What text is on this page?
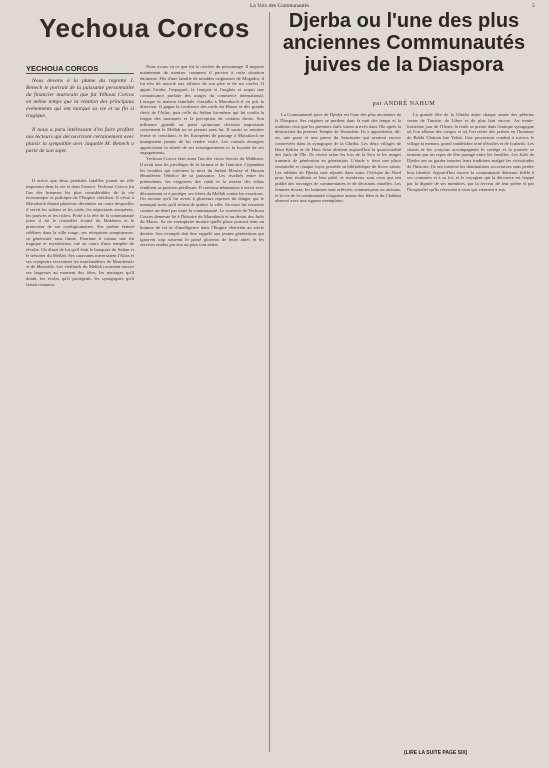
La Voix des Communautés	5
Yechoua Corcos
YECHOUA CORCOS

Nous devons à la plume du regretté J. Benech le portrait de la puissante personnalité du financier marocain que fut Yéhoua Corcos en même temps que la relation des principaux événements qui ont marqué sa vie et sa fin si tragique.

Il nous a paru intéressant d'en faire profiter nos lecteurs qui découvriront certainement avec plaisir la sympathie avec laquelle M. Benech a parlé de son sujet.

Il arrive que deux pendules fatallles jouent un rôle important dans la vie et dans l'œuvre. Yechoua Corcos fut l'un des hommes les plus considérables de la vie économique et politique de l'Empire chérifien. Il vécut à Marrakech durant plusieurs décennies au cours desquelles il servit les sultans et les caïds, les négociants européens, les pauvres et les riches. Porté à la tête de la communauté juive il fut le conseiller écouté du Makhzen et le protecteur de ses coreligionnaires. Ses jardins étaient célèbres dans la ville rouge, ses réceptions somptueuses, sa générosité sans limite. Pourtant il connut une fin tragique et mystérieuse, tué au cours d'une tempête de révolte. On disait de lui qu'il était le banquier du Sultan et le trésorier du Mellah. Ses caravanes traversaient l'Atlas et ses comptoirs recevaient les marchandises de Manchester et de Marseille. Les vieillards du Mellah racontent encore ses largesses au moment des fêtes, les mariages qu'il dotait, les écoles qu'il protégeait, les synagogues qu'il faisait restaurer.

Nous avons vu ce que fut la carrière du personnage. Il importe maintenant de montrer comment il parvint à cette situation éminente. Fils d'une famille de notables originaires de Mogador, il fut très tôt associé aux affaires de son père et de ses oncles. Il apprit l'arabe, l'espagnol, le français et l'anglais et acquit une connaissance parfaite des usages du commerce international. Lorsque la maison familiale s'installa à Marrakech il en prit la direction. Il gagna la confiance des caïds du Haouz et des grands chefs de l'Atlas, puis celle du Sultan lui-même qui lui confia la frappe des monnaies et la perception de certains droits. Son influence grandit au point qu'aucune décision importante concernant le Mellah ne se prenait sans lui. Il savait se montrer ferme et conciliant, et les Européens de passage à Marrakech ne manquaient jamais de lui rendre visite. Les consuls étrangers appréciaient la sûreté de ses renseignements et la loyauté de ses engagements.

Yechoua Corcos était aussi l'un des vizirs favoris du Makhzen. Il avait tous les privilèges de la fortune et de l'autorité. Cependant les troubles qui suivirent la mort du Sultan Moulay el Hassan ébranlèrent l'édifice de sa puissance. Les rivalités entre les prétendants, les exigences des caïds et la misère des tribus rendirent sa position périlleuse. Il continua néanmoins à servir avec dévouement et à protéger ses frères du Mellah contre les exactions. On raconte qu'il fut averti à plusieurs reprises du danger qui le menaçait mais qu'il refusa de quitter la ville. Sa mort fut ressentie comme un deuil par toute la communauté. Le souvenir de Yechoua Corcos demeure lié à l'histoire de Marrakech et au destin des Juifs du Maroc. Sa vie exemplaire montre quelle place pouvait tenir un homme de foi et d'intelligence dans l'Empire chérifien au siècle dernier. Son exemple doit être rappelé aux jeunes générations qui ignorent trop souvent le passé glorieux de leurs aînés et les services rendus par eux au pays tout entier.

Djerba ou l'une des plus anciennes Communautés juives de la Diaspora
par ANDRÉ NAHUM

La Communauté juive de Djerba est l'une des plus anciennes de la Diaspora. Ses origines se perdent dans la nuit des temps et la tradition veut que les premiers Juifs soient arrivés dans l'île après la destruction du premier Temple de Jérusalem. Ils y apportèrent, dit-on, une porte et une pierre du Sanctuaire qui seraient encore conservées dans la synagogue de la Ghriba. Les deux villages de Hara Kebira et de Hara Srira abritent aujourd'hui la quasi-totalité des Juifs de l'île. Ils vivent selon les lois de la Tora et les usages transmis de génération en génération. L'étude y tient une place essentielle et chaque foyer possède sa bibliothèque de livres saints. Les rabbins de Djerba sont réputés dans toute l'Afrique du Nord pour leur érudition et leur piété, et nombreux sont ceux qui ont publié des ouvrages de commentaires et de décisions rituelles. Les femmes tissent, les hommes sont orfèvres, commerçants ou artisans, et la vie de la communauté s'organise autour des fêtes et du Chabbat observé avec une rigueur exemplaire.

La grande fête de la Ghriba attire chaque année des pèlerins venus de Tunisie, de Libye et de plus loin encore. Au trente-troisième jour de l'Omer, la foule se presse dans l'antique synagogue où l'on allume des cierges et où l'on récite des prières en l'honneur de Rabbi Chimon bar Yohaï. Une procession conduit à travers le village la menara, grand candélabre orné d'étoffes et de foulards. Les chants et les youyous accompagnent le cortège et la journée se termine par un repas de fête partagé entre les familles. Les Juifs de Djerba ont su garder intactes leurs traditions malgré les vicissitudes de l'histoire. Ils ont traversé les dominations successives sans perdre leur identité. Aujourd'hui encore la communauté demeure fidèle à ses coutumes et à sa foi, et le voyageur qui la découvre est frappé par la dignité de ses membres, par la ferveur de leur prière et par l'hospitalité qu'ils réservent à ceux qui viennent à eux.

(LIRE LA SUITE PAGE SIX)
